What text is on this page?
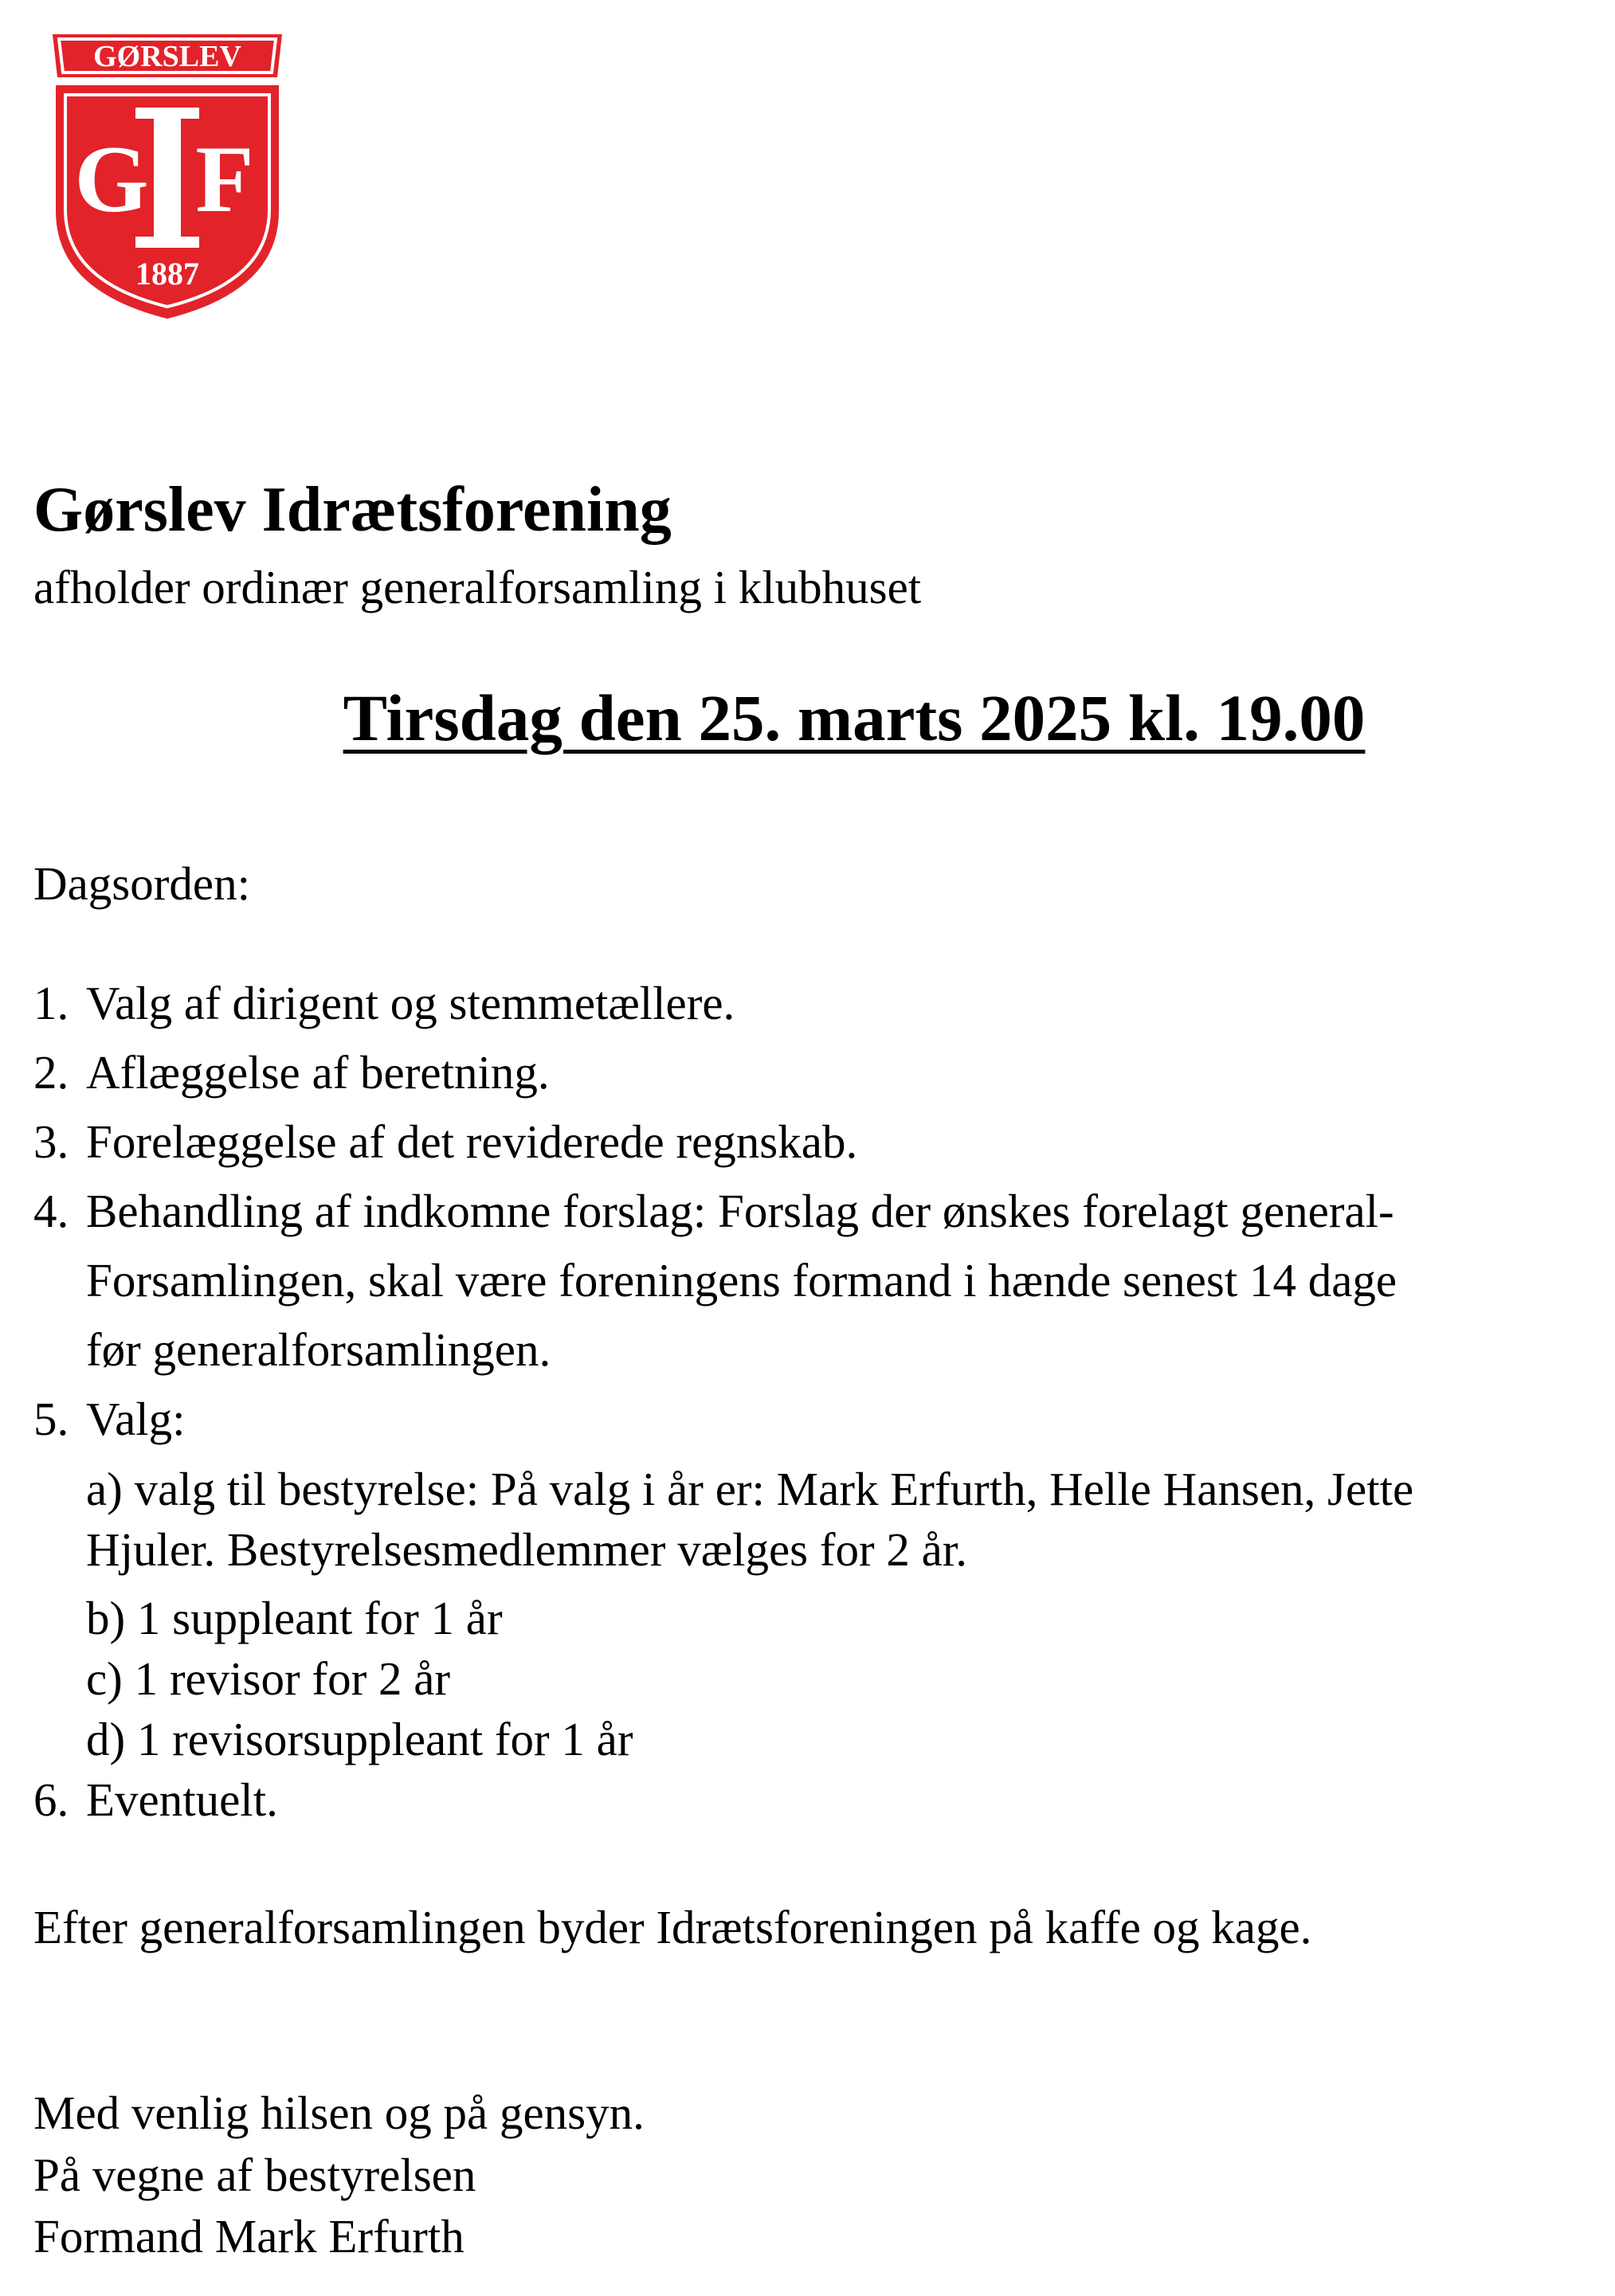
GØRSLEV
G F
1887
Gørslev Idrætsforening
afholder ordinær generalforsamling i klubhuset
Tirsdag den 25. marts 2025 kl. 19.00
Dagsorden:
1. Valg af dirigent og stemmetællere.
2. Aflæggelse af beretning.
3. Forelæggelse af det reviderede regnskab.
4. Behandling af indkomne forslag: Forslag der ønskes forelagt general-
Forsamlingen, skal være foreningens formand i hænde senest 14 dage
før generalforsamlingen.
5. Valg:
a) valg til bestyrelse: På valg i år er: Mark Erfurth, Helle Hansen, Jette
Hjuler. Bestyrelsesmedlemmer vælges for 2 år.
b) 1 suppleant for 1 år
c) 1 revisor for 2 år
d) 1 revisorsuppleant for 1 år
6. Eventuelt.
Efter generalforsamlingen byder Idrætsforeningen på kaffe og kage.
Med venlig hilsen og på gensyn.
På vegne af bestyrelsen
Formand Mark Erfurth
